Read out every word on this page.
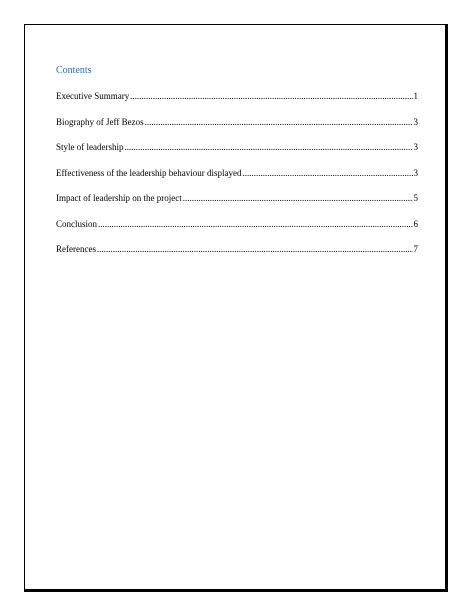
Contents
Executive Summary .....	1
Biography of Jeff Bezos .....	3
Style of leadership .....	3
Effectiveness of the leadership behaviour displayed .....	3
Impact of leadership on the project .....	5
Conclusion .....	6
References .....	7
